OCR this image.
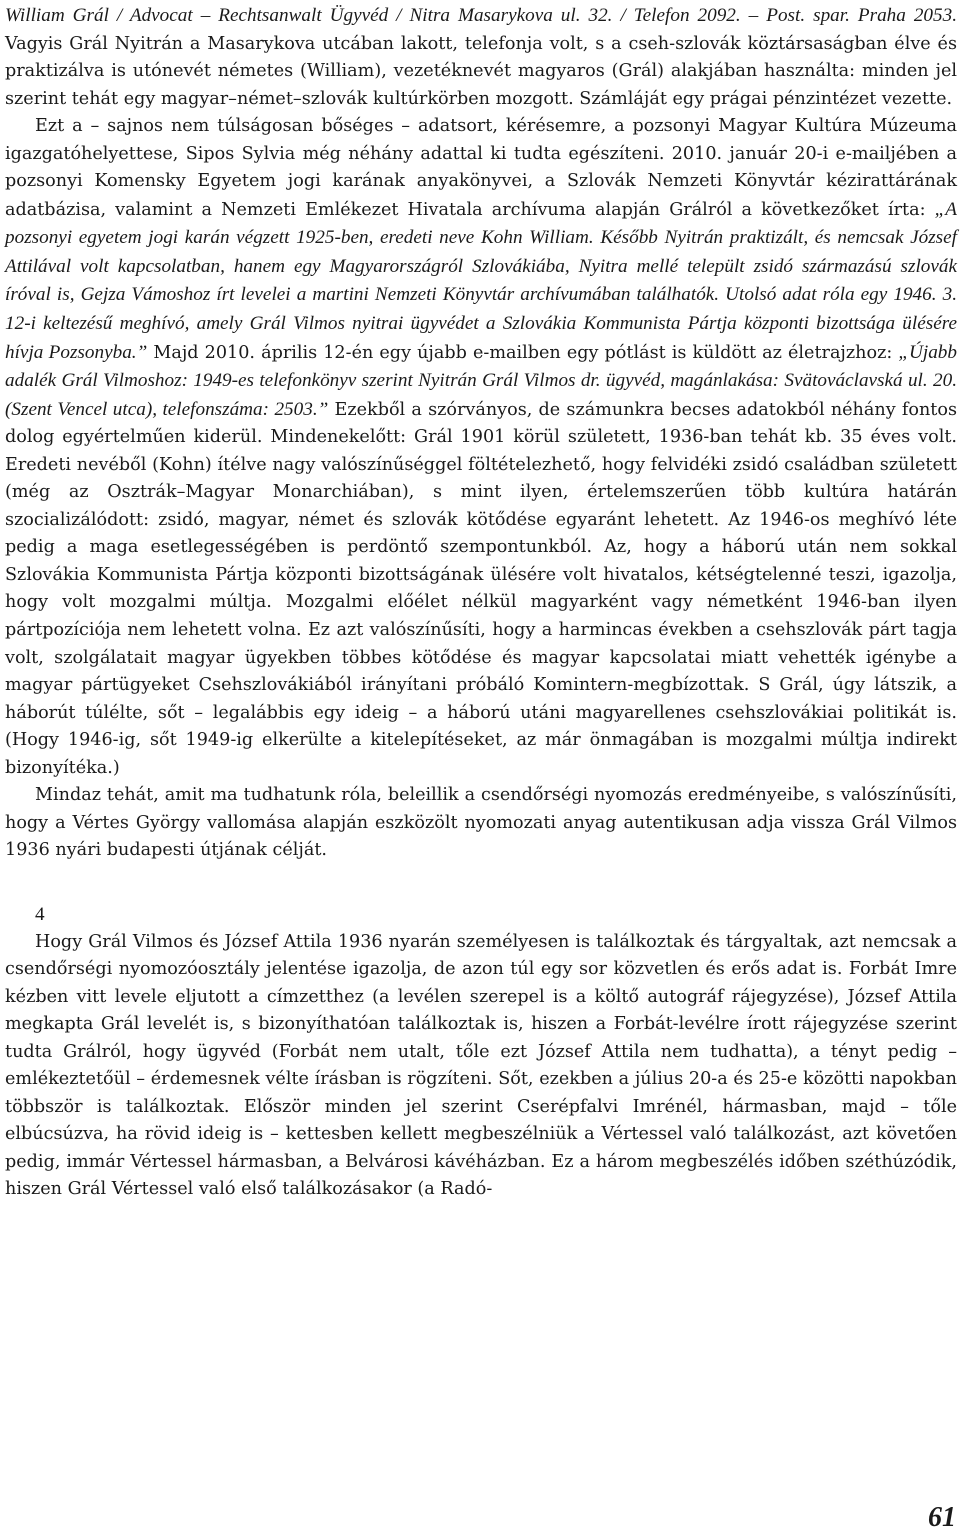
William Grál / Advocat – Rechtsanwalt Ügyvéd / Nitra Masarykova ul. 32. / Telefon 2092. – Post. spar. Praha 2053. Vagyis Grál Nyitrán a Masarykova utcában lakott, telefonja volt, s a cseh-szlovák köztársaságban élve és praktizálva is utónevét németes (William), vezetéknevét magyaros (Grál) alakjában használta: minden jel szerint tehát egy magyar–német–szlovák kultúrkörben mozgott. Számláját egy prágai pénzintézet vezette.

Ezt a – sajnos nem túlságosan bőséges – adatsort, kérésemre, a pozsonyi Magyar Kultúra Múzeuma igazgatóhelyettese, Sipos Sylvia még néhány adattal ki tudta egészíteni. 2010. január 20-i e-mailjében a pozsonyi Komensky Egyetem jogi karának anyakönyvei, a Szlovák Nemzeti Könyvtár kézirattárának adatbázisa, valamint a Nemzeti Emlékezet Hivatala archívuma alapján Grálról a következőket írta: „A pozsonyi egyetem jogi karán végzett 1925-ben, eredeti neve Kohn William. Később Nyitrán praktizált, és nemcsak József Attilával volt kapcsolatban, hanem egy Magyarországról Szlovákiába, Nyitra mellé települt zsidó származású szlovák íróval is, Gejza Vámoshoz írt levelei a martini Nemzeti Könyvtár archívumában találhatók. Utolsó adat róla egy 1946. 3. 12-i keltezésű meghívó, amely Grál Vilmos nyitrai ügyvédet a Szlovákia Kommunista Pártja központi bizottsága ülésére hívja Pozsonyba.” Majd 2010. április 12-én egy újabb e-mailben egy pótlást is küldött az életrajzhoz: „Újabb adalék Grál Vilmoshoz: 1949-es telefonkönyv szerint Nyitrán Grál Vilmos dr. ügyvéd, magánlakása: Svätováclavská ul. 20. (Szent Vencel utca), telefonszáma: 2503.” Ezekből a szórványos, de számunkra becses adatokból néhány fontos dolog egyértelműen kiderül. Mindenekelőtt: Grál 1901 körül született, 1936-ban tehát kb. 35 éves volt. Eredeti nevéből (Kohn) ítélve nagy valószínűséggel föltételezhető, hogy felvidéki zsidó családban született (még az Osztrák–Magyar Monarchiában), s mint ilyen, értelemszerűen több kultúra határán szocializálódott: zsidó, magyar, német és szlovák kötődése egyaránt lehetett. Az 1946-os meghívó léte pedig a maga esetlegességében is perdöntő szempontunkból. Az, hogy a háború után nem sokkal Szlovákia Kommunista Pártja központi bizottságának ülésére volt hivatalos, kétségtelenné teszi, igazolja, hogy volt mozgalmi múltja. Mozgalmi előélet nélkül magyarként vagy németként 1946-ban ilyen pártpozíciója nem lehetett volna. Ez azt valószínűsíti, hogy a harmincas években a csehszlovák párt tagja volt, szolgálatait magyar ügyekben többes kötődése és magyar kapcsolatai miatt vehették igénybe a magyar pártügyeket Csehszlovákiából irányítani próbáló Komintern-megbízottak. S Grál, úgy látszik, a háborút túlélte, sőt – legalábbis egy ideig – a háború utáni magyarellenes csehszlovákiai politikát is. (Hogy 1946-ig, sőt 1949-ig elkerülte a kitelepítéseket, az már önmagában is mozgalmi múltja indirekt bizonyítéka.)

Mindaz tehát, amit ma tudhatunk róla, beleillik a csendőrségi nyomozás eredményeibe, s valószínűsíti, hogy a Vértes György vallomása alapján eszközölt nyomozati anyag autentikusan adja vissza Grál Vilmos 1936 nyári budapesti útjának célját.

4

Hogy Grál Vilmos és József Attila 1936 nyarán személyesen is találkoztak és tárgyaltak, azt nemcsak a csendőrségi nyomozóosztály jelentése igazolja, de azon túl egy sor közvetlen és erős adat is. Forbát Imre kézben vitt levele eljutott a címzetthez (a levélen szerepel is a költő autográf rájegyzése), József Attila megkapta Grál levelét is, s bizonyíthatóan találkoztak is, hiszen a Forbát-levélre írott rájegyzése szerint tudta Grálról, hogy ügyvéd (Forbát nem utalt, tőle ezt József Attila nem tudhatta), a tényt pedig – emlékeztetőül – érdemesnek vélte írásban is rögzíteni. Sőt, ezekben a július 20-a és 25-e közötti napokban többször is találkoztak. Először minden jel szerint Cserépfalvi Imrénél, hármasban, majd – tőle elbúcsúzva, ha rövid ideig is – kettesben kellett megbeszélniük a Vértessel való találkozást, azt követően pedig, immár Vértessel hármasban, a Belvárosi kávéházban. Ez a három megbeszélés időben széthúzódik, hiszen Grál Vértessel való első találkozásakor (a Radó-

61
